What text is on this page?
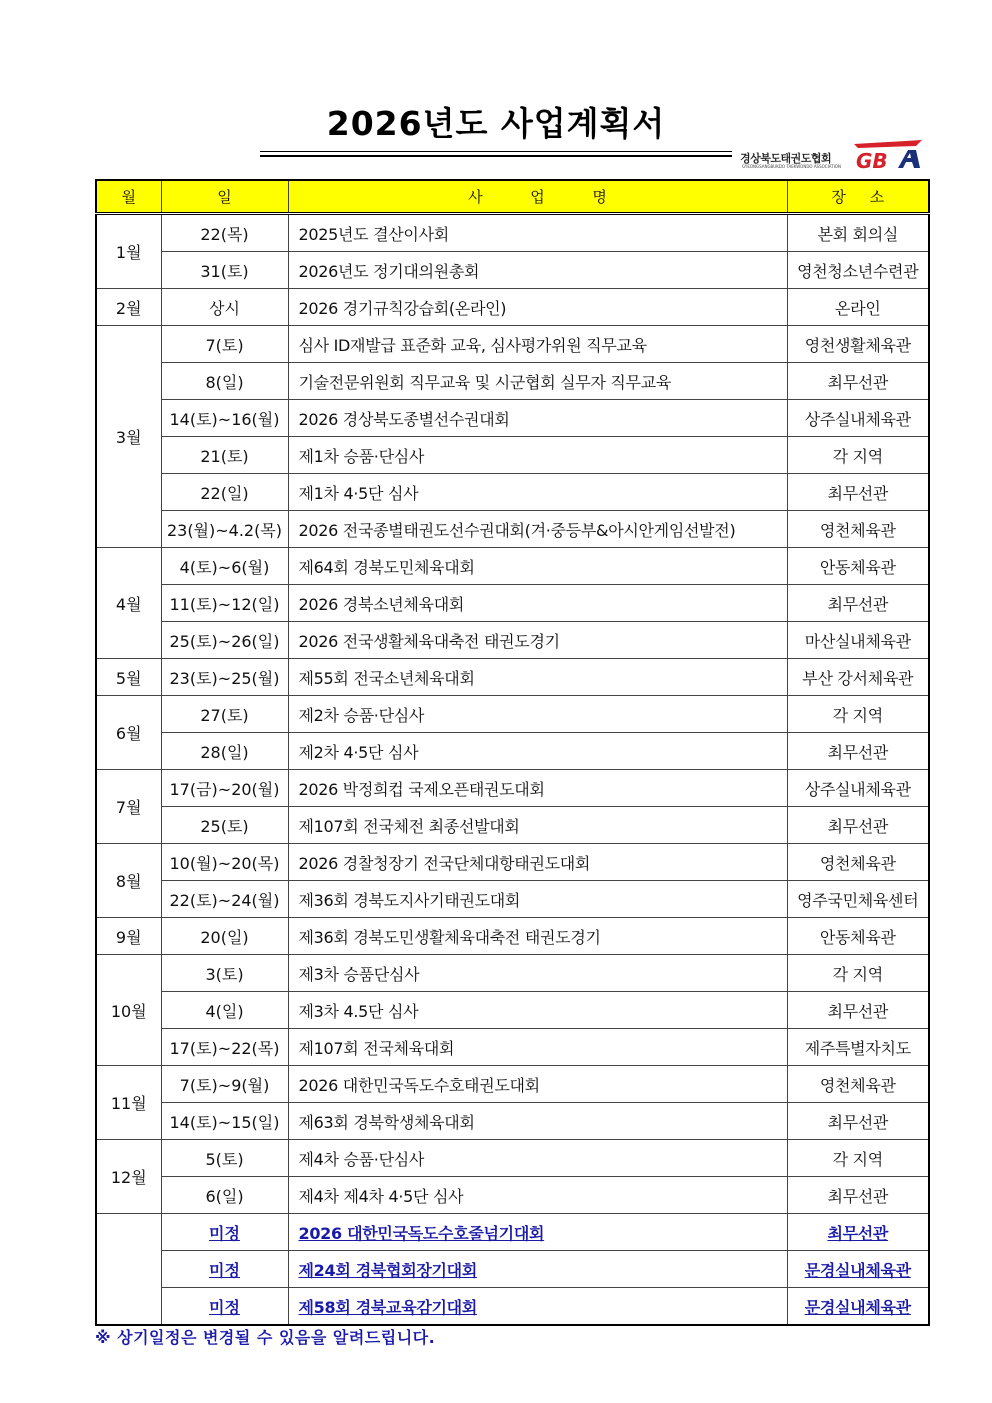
2026년도 사업계획서
경상북도태권도협회
GYEONGSANGBUKDO TAEKWONDO ASSOCIATION GB
월	일	사          업          명	장     소
1월	22(목)	2025년도 결산이사회	본회 회의실
	31(토)	2026년도 정기대의원총회	영천청소년수련관
2월	상시	2026 경기규칙강습회(온라인)	온라인
3월	7(토)	심사 ID재발급 표준화 교육, 심사평가위원 직무교육	영천생활체육관
	8(일)	기술전문위원회 직무교육 및 시군협회 실무자 직무교육	최무선관
	14(토)~16(월)	2026 경상북도종별선수권대회	상주실내체육관
	21(토)	제1차 승품·단심사	각 지역
	22(일)	제1차 4·5단 심사	최무선관
	23(월)~4.2(목)	2026 전국종별태권도선수권대회(겨·중등부&아시안게임선발전)	영천체육관
4월	4(토)~6(월)	제64회 경북도민체육대회	안동체육관
	11(토)~12(일)	2026 경북소년체육대회	최무선관
	25(토)~26(일)	2026 전국생활체육대축전 태권도경기	마산실내체육관
5월	23(토)~25(월)	제55회 전국소년체육대회	부산 강서체육관
6월	27(토)	제2차 승품·단심사	각 지역
	28(일)	제2차 4·5단 심사	최무선관
7월	17(금)~20(월)	2026 박정희컵 국제오픈태권도대회	상주실내체육관
	25(토)	제107회 전국체전 최종선발대회	최무선관
8월	10(월)~20(목)	2026 경찰청장기 전국단체대항태권도대회	영천체육관
	22(토)~24(월)	제36회 경북도지사기태권도대회	영주국민체육센터
9월	20(일)	제36회 경북도민생활체육대축전 태권도경기	안동체육관
10월	3(토)	제3차 승품단심사	각 지역
	4(일)	제3차 4.5단 심사	최무선관
	17(토)~22(목)	제107회 전국체육대회	제주특별자치도
11월	7(토)~9(월)	2026 대한민국독도수호태권도대회	영천체육관
	14(토)~15(일)	제63회 경북학생체육대회	최무선관
12월	5(토)	제4차 승품·단심사	각 지역
	6(일)	제4차 제4차 4·5단 심사	최무선관
	미정	2026 대한민국독도수호줄넘기대회	최무선관
	미정	제24회 경북협회장기대회	문경실내체육관
	미정	제58회 경북교육감기대회	문경실내체육관
※ 상기일정은 변경될 수 있음을 알려드립니다.
